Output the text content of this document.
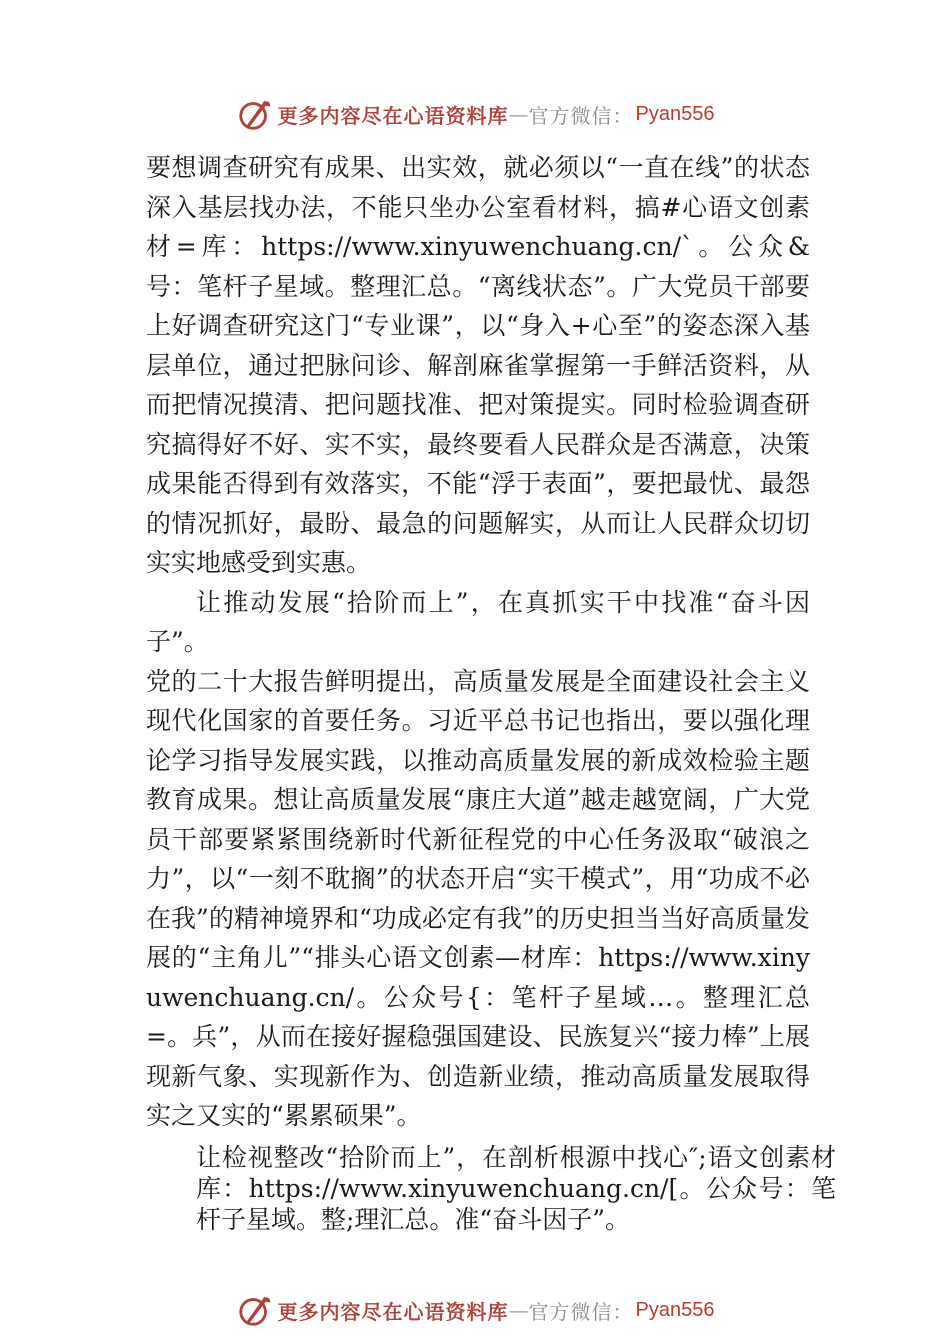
更多内容尽在心语资料库 — 官方微信： Pyan556

要想调查研究有成果、出实效，就必须以“一直在线”的状态深入基层找办法，不能只坐办公室看材料，搞#心语文创素材=库：https://www.xinyuwenchuang.cn/`。公众&号：笔杆子星域。整理汇总。“离线状态”。广大党员干部要上好调查研究这门“专业课”，以“身入+心至”的姿态深入基层单位，通过把脉问诊、解剖麻雀掌握第一手鲜活资料，从而把情况摸清、把问题找准、把对策提实。同时检验调查研究搞得好不好、实不实，最终要看人民群众是否满意，决策成果能否得到有效落实，不能“浮于表面”，要把最忧、最怨的情况抓好，最盼、最急的问题解实，从而让人民群众切切实实地感受到实惠。

让推动发展“拾阶而上”，在真抓实干中找准“奋斗因子”。

党的二十大报告鲜明提出，高质量发展是全面建设社会主义现代化国家的首要任务。习近平总书记也指出，要以强化理论学习指导发展实践，以推动高质量发展的新成效检验主题教育成果。想让高质量发展“康庄大道”越走越宽阔，广大党员干部要紧紧围绕新时代新征程党的中心任务汲取“破浪之力”，以“一刻不耽搁”的状态开启“实干模式”，用“功成不必在我”的精神境界和“功成必定有我”的历史担当当好高质量发展的“主角儿”“排头心语文创素—材库：https://www.xinyuwenchuang.cn/。公众号{：笔杆子星域…。整理汇总=。兵”，从而在接好握稳强国建设、民族复兴“接力棒”上展现新气象、实现新作为、创造新业绩，推动高质量发展取得实之又实的“累累硕果”。

让检视整改“拾阶而上”，在剖析根源中找心″;语文创素材库：https://www.xinyuwenchuang.cn/[。公众号：笔杆子星域。整;理汇总。准“奋斗因子”。

更多内容尽在心语资料库 — 官方微信： Pyan556
